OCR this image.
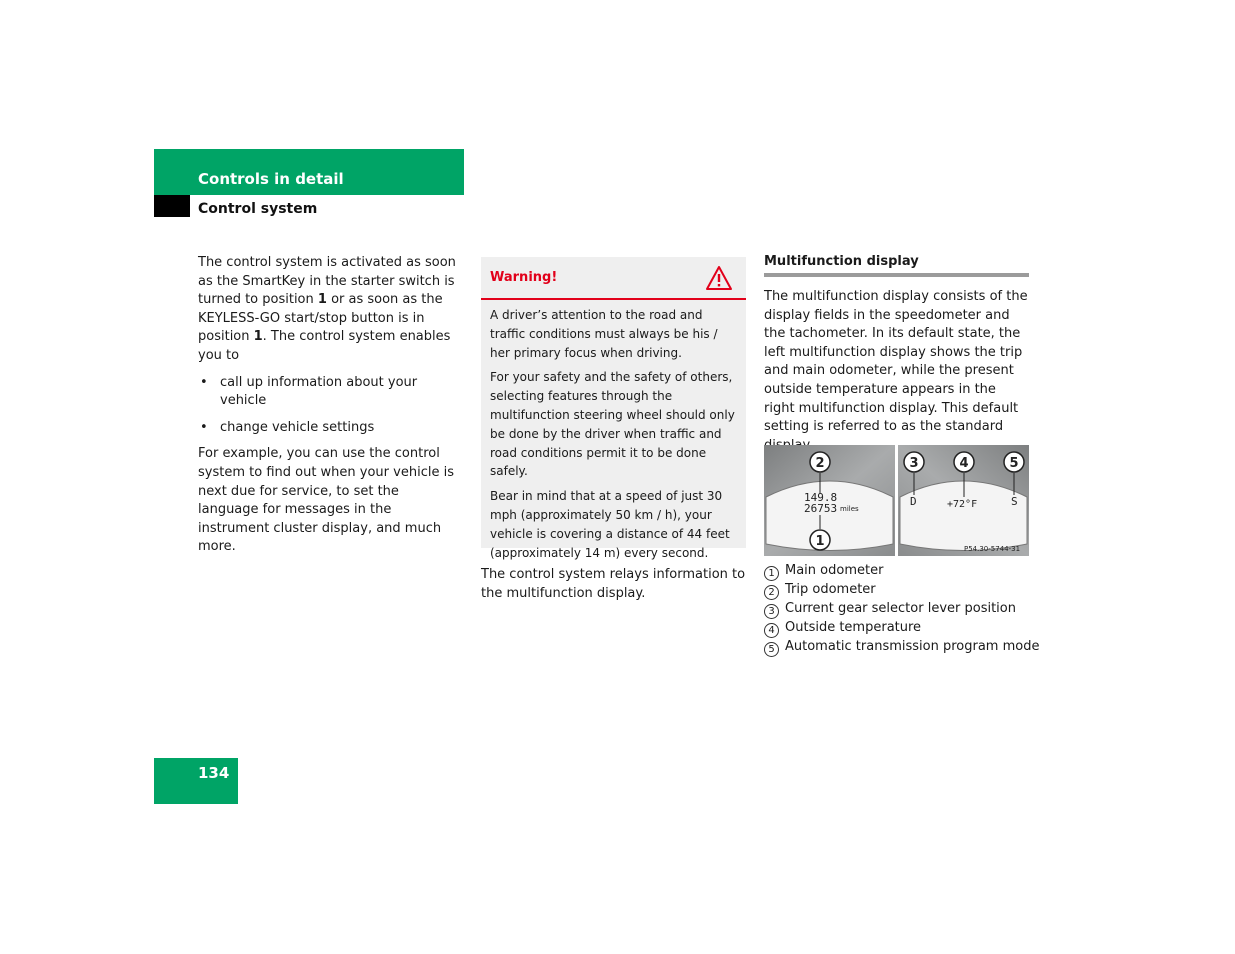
Controls in detail
Control system

The control system is activated as soon as the SmartKey in the starter switch is turned to position 1 or as soon as the KEYLESS-GO start/stop button is in position 1. The control system enables you to

• call up information about your vehicle
• change vehicle settings

For example, you can use the control system to find out when your vehicle is next due for service, to set the language for messages in the instrument cluster display, and much more.

Warning!

A driver’s attention to the road and traffic conditions must always be his / her primary focus when driving.

For your safety and the safety of others, selecting features through the multifunction steering wheel should only be done by the driver when traffic and road conditions permit it to be done safely.

Bear in mind that at a speed of just 30 mph (approximately 50 km / h), your vehicle is covering a distance of 44 feet (approximately 14 m) every second.

The control system relays information to the multifunction display.

Multifunction display

The multifunction display consists of the display fields in the speedometer and the tachometer. In its default state, the left multifunction display shows the trip and main odometer, while the present outside temperature appears in the right multifunction display. This default setting is referred to as the standard

149.8
26753 miles
D	+72°F	S
P54.30-5744-31
2
1
3	4	5
1 Main odometer
2 Trip odometer
3 Current gear selector lever position
4 Outside temperature
5 Automatic transmission program mode
134
